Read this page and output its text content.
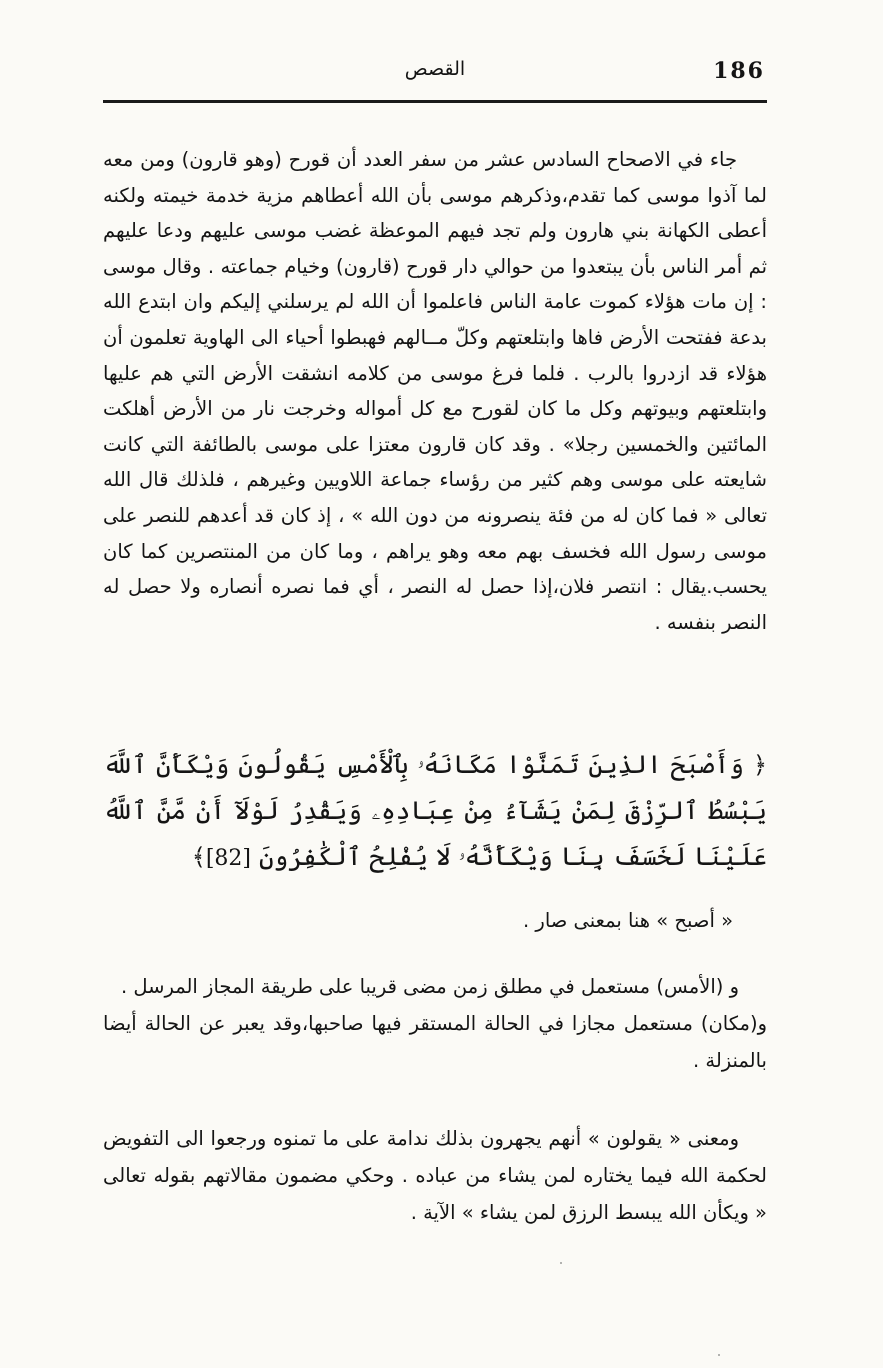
186
القصص

جاء في الاصحاح السادس عشر من سفر العدد أن قورح (وهو قارون) ومن معه لما آذوا موسى كما تقدم،وذكرهم موسى بأن الله أعطاهم مزية خدمة خيمته ولكنه أعطى الكهانة بني هارون ولم تجد فيهم الموعظة غضب موسى عليهم ودعا عليهم ثم أمر الناس بأن يبتعدوا من حوالي دار قورح (قارون) وخيام جماعته . وقال موسى : إن مات هؤلاء كموت عامة الناس فاعلموا أن الله لم يرسلني إليكم وان ابتدع الله بدعة ففتحت الأرض فاها وابتلعتهم وكلّ مــالهم فهبطوا أحياء الى الهاوية تعلمون أن هؤلاء قد ازدروا بالرب . فلما فرغ موسى من كلامه انشقت الأرض التي هم عليها وابتلعتهم وبيوتهم وكل ما كان لقورح مع كل أمواله وخرجت نار من الأرض أهلكت المائتين والخمسين رجلا» . وقد كان قارون معتزا على موسى بالطائفة التي كانت شايعته على موسى وهم كثير من رؤساء جماعة اللاويين وغيرهم ، فلذلك قال الله تعالى « فما كان له من فئة ينصرونه من دون الله » ، إذ كان قد أعدهم للنصر على موسى رسول الله فخسف بهم معه وهو يراهم ، وما كان من المنتصرين كما كان يحسب.يقال : انتصر فلان،إذا حصل له النصر ، أي فما نصره أنصاره ولا حصل له النصر بنفسه .

﴿ وَأَصْبَحَ الذِينَ تَمَنَّوْا مَكَانَهُۥ بِٱلْأَمْسِ يَقُولُونَ وَيْكَأَنَّ ٱللَّهَ يَبْسُطُ ٱلرِّزْقَ لِمَنْ يَشَآءُ مِنْ عِبَادِهِۦ وَيَقْدِرُ لَوْلَآ أَنْ مَّنَّ ٱللَّهُ عَلَيْنَا لَخَسَفَ بِنَا وَيْكَأَنَّهُۥ لَا يُفْلِحُ ٱلْكَٰفِرُونَ [82]﴾

« أصبح » هنا بمعنى صار .

و (الأمس) مستعمل في مطلق زمن مضى قريبا على طريقة المجاز المرسل .

و(مكان) مستعمل مجازا في الحالة المستقر فيها صاحبها،وقد يعبر عن الحالة أيضا بالمنزلة .

ومعنى « يقولون » أنهم يجهرون بذلك ندامة على ما تمنوه ورجعوا الى التفويض لحكمة الله فيما يختاره لمن يشاء من عباده . وحكي مضمون مقالاتهم بقوله تعالى « ويكأن الله يبسط الرزق لمن يشاء » الآية .
